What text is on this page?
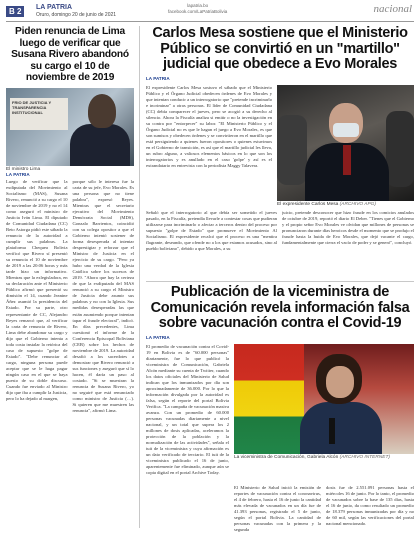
B 2	LA PATRIA
Oruro, domingo 20 de junio de 2021
lapatria.bo
facebook.com/LaPatriaBolivia	nacional
Piden renuncia de Lima luego de verificar que Susana Rivero abandonó su cargo el 10 de noviembre de 2019
FRIO DE JUSTICIA Y TRANSPARENCIA INSTITUCIONAL
El ministro Lima
LA PATRIA
Luego de verificar que la exdiputada del Movimiento al Socialismo (MAS), Susana Rivero, renunció a su cargo el 10 de noviembre de 2019 y no el 14 como aseguró el ministro de Justicia Iván Lima. El diputado de Comunidad Ciudadana (CC) Beto Astorga pidió este sábado la renuncia de la autoridad a cumplir sus palabras. La plataforma Chequea Bolivia verificó que Rivero sí presentó su renuncia el 10 de noviembre de 2019 a las 20:06 horas y más tarde hizo un informativo. Mientras que la exlegisladora, en su declaración ante el Ministerio Público afirmó que presentó su dimisión el 14, cuando Jeanine Áñez asumió la presidencia del Estado. Por su parte, otro representante de CC, Alejandro Reyes remarcó que, al verificar la carta de renuncia de Rivero, Lima debe abandonar su cargo y dijo que el Gobierno intenta a toda costa instalar la retórica del caso de supuesto "golpe de Estado". "Debe renunciar al cargo, ninguna persona puede aceptar que se le haga pagar ningún caso en el que se haya puesto de su doble discurso. Cuando fue enviado al Ministro dijo que iba a cumplir la Justicia, pero lo ha dejado al margen,
porque sólo le interesa fue la carta de su jefe, Evo Morales. Es una persona que no tiene palabra", expresó Reyes. Mientras que el secretario ejecutivo del Movimiento Demócrata Social (MDS), Gonzalo Barrientos, coincidió con su colega opositor a que el Gobierno intentó sostener de forma desesperada al intentar desprestigiar y reforzar que el Ministro de Justicia en el ejercicio de su cargo. "Pero ya hubo una verdad de la Iglesia Católica sobre los sucesos de 2019. "Ahora que hay la certeza de que la exdiputada del MAS renunció a su cargo el Ministro de Justicia debe asumir sus palabras y no con la Iglesia. Sus medidas desesperadas las que están asumiendo porque intentan tapar el fraude electoral", indicó. En días precedentes, Lima cuestionó el informe de la Conferencia Episcopal Boliviana (CEB) sobre los hechos de noviembre de 2019. La autoridad desafió a los sacerdotes a demostrar que Rivero renunció a sus funciones y aseguró que sí lo hacen, él daría un paso al costado. "Si se muestran la renuncia de Susana Rivero, yo no seguiré que está renunciado como ministro de Justicia (…). Si quieren que me muestren las renuncia", afirmó Lima.
Carlos Mesa sostiene que el Ministerio Público se convirtió en un "martillo" judicial que obedece a Evo Morales
LA PATRIA
El expresidente Carlos Mesa sostuvo el sábado que el Ministerio Público y el Órgano Judicial obedecen órdenes de Evo Morales y que intentan conducir a un interrogatorio que "pretende incriminarlo e incriminar" a otras personas. El líder de Comunidad Ciudadana (CC) debía comparecer el jueves, pero se acogió a su derecho al silencio. Ahora la Fiscalía analiza si emitir o no la investigación en su contra por "entorpecer" su labor. "El Ministerio Público y el Órgano Judicial no es que le hagan el juego a Evo Morales, es que son sumisos y obedecen órdenes y se convirtieron en el martillo que está persiguiendo a quienes fueron opositores o quienes estuvimos en el Gobierno de transición, es así que el martillo judicial les lleva, un rubro alguno, a valiosos elementos básicos en lo que son los interrogatorios y es anullado en el caso 'golpe' y así es el extrandatario en entrevista con la periodista Maggy Talavera.
El expresidente Carlos Mesa (ARCHIVO APG)
Señaló que el interrogatorio al que debía ser sometido el jueves pasado, en la Fiscalía, pretendía llevarle a contestar cosas que pudieran utilizarse para incriminarlo o afectar a terceros dentro del proceso por supuesto "golpe de Estado" que promueve el Movimiento Al Socialismo. El expresidente recalcó que el proceso es una "mentira flagrante, deseando, que ofende no a los que estamos acusados, sino al pueblo boliviano", debido a que Morales, a su
juicio, pretende desconocer que hizo fraude en los comicios anulados de octubre de 2019, reportó el diario El Deber. "Tienes que el Gobierno y el propio señor Evo Morales ve olvidan que millones de personas se pronunciaron durante días heroicos desde el momento que se produjo el fraude hasta la huida de Evo Morales, que dejó vacante el cargo, fundamentalmente que cierra el vacío de poder y se generó", concluyó.
Publicación de la viceministra de Comunicación revela información falsa sobre vacunación contra el Covid-19
LA PATRIA
El promedio de vacunación contra el Covid-19 en Bolivia es de "60.000 personas" diariamente, fue lo que publicó la viceministra de Comunicación, Gabriela Alcón mediante su cuenta de Twitter, cuando los datos oficiales del Ministerio de Salud indican que los inmunizados por día son aproximadamente de 36.000. Por lo que la información divulgada por la autoridad es falsa, según el reporte del portal Bolivia Verifica. "La campaña de vacunación masiva avanza. Con un promedio de 60.000 personas vacunadas diariamente a nivel nacional, y un total que supera los 2 millones de dosis aplicadas, aceleramos la protección de la población y la normalización de las actividades", señala el tuit de la viceministra y cuya afirmación es un dato verificado de terciario. El tuit de la viceministra publicado el 16 de junio, aparentemente fue eliminado, aunque aún se copia digital en el portal Archive Today.
La viceministra de Comunicación, Gabriela Alcón (ARCHIVO INTERNET)
El Ministerio de Salud inició la emisión de reportes de vacunación contra el coronavirus, el 4 de febrero, hasta el 16 de junio la cantidad más elevada de vacunados en un día fue de 41.393 personas, registrado el 5 de junio, según el portal Bolivia. La cantidad de personas vacunadas con la primera y la segunda
dosis fue de 2.551.091 personas hasta el miércoles 16 de junio. Por lo tanto, el promedio de vacunados sobre la base de 135 días, hasta el 16 de junio, da como resultado un promedio de 18.379 personas inmunizadas por día y no de 60 mil, según las verificaciones del portal nacional mencionado.
